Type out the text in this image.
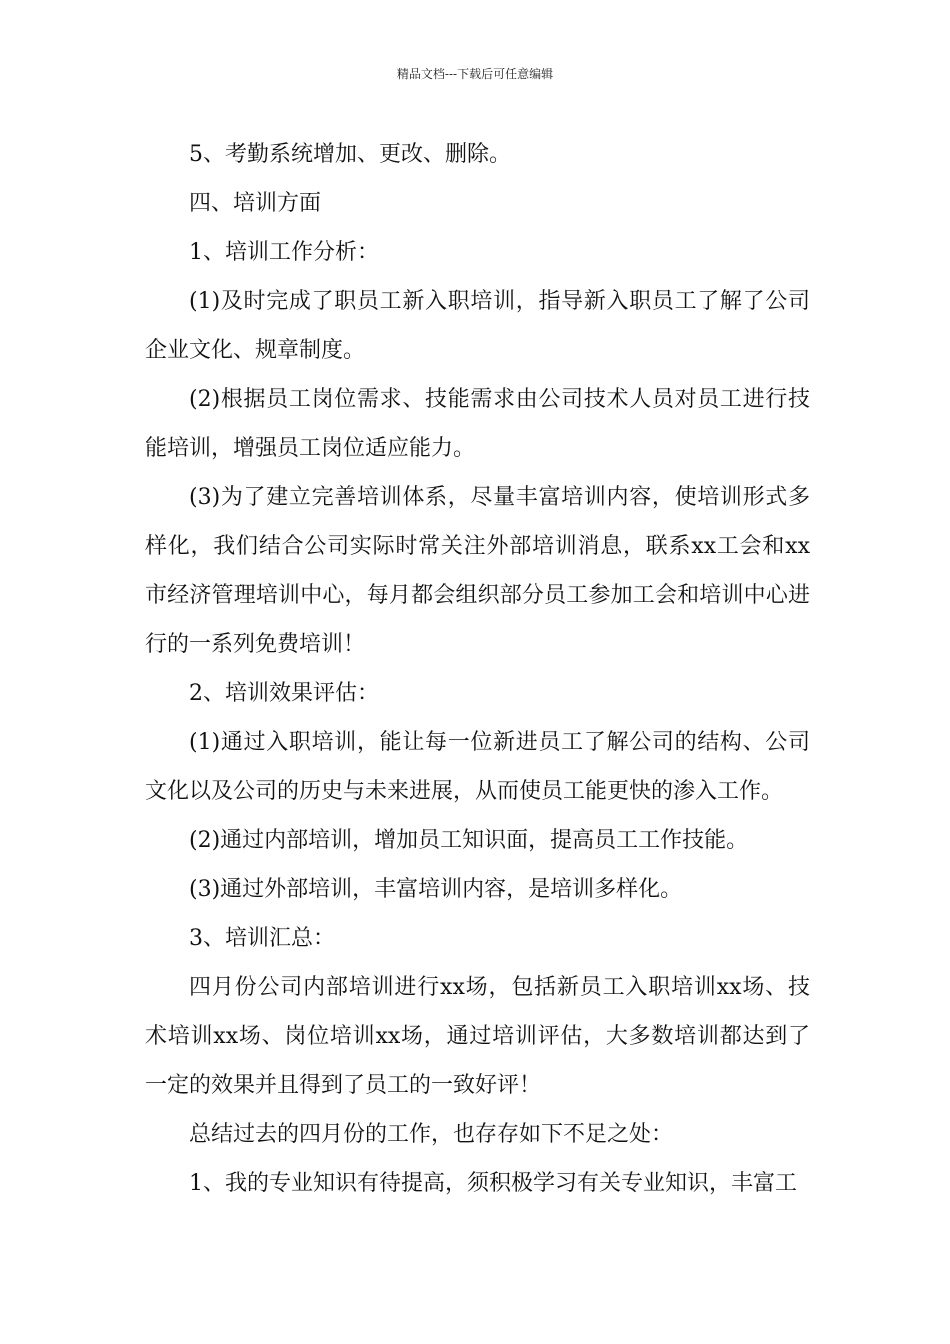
精品文档---下载后可任意编辑

5、考勤系统增加、更改、删除。

四、培训方面

1、培训工作分析：

(1)及时完成了职员工新入职培训，指导新入职员工了解了公司企业文化、规章制度。

(2)根据员工岗位需求、技能需求由公司技术人员对员工进行技能培训，增强员工岗位适应能力。

(3)为了建立完善培训体系，尽量丰富培训内容，使培训形式多样化，我们结合公司实际时常关注外部培训消息，联系xx工会和xx市经济管理培训中心，每月都会组织部分员工参加工会和培训中心进行的一系列免费培训！

2、培训效果评估：

(1)通过入职培训，能让每一位新进员工了解公司的结构、公司文化以及公司的历史与未来进展，从而使员工能更快的渗入工作。

(2)通过内部培训，增加员工知识面，提高员工工作技能。

(3)通过外部培训，丰富培训内容，是培训多样化。

3、培训汇总：

四月份公司内部培训进行xx场，包括新员工入职培训xx场、技术培训xx场、岗位培训xx场，通过培训评估，大多数培训都达到了一定的效果并且得到了员工的一致好评！

总结过去的四月份的工作，也存存如下不足之处：

1、我的专业知识有待提高，须积极学习有关专业知识，丰富工
